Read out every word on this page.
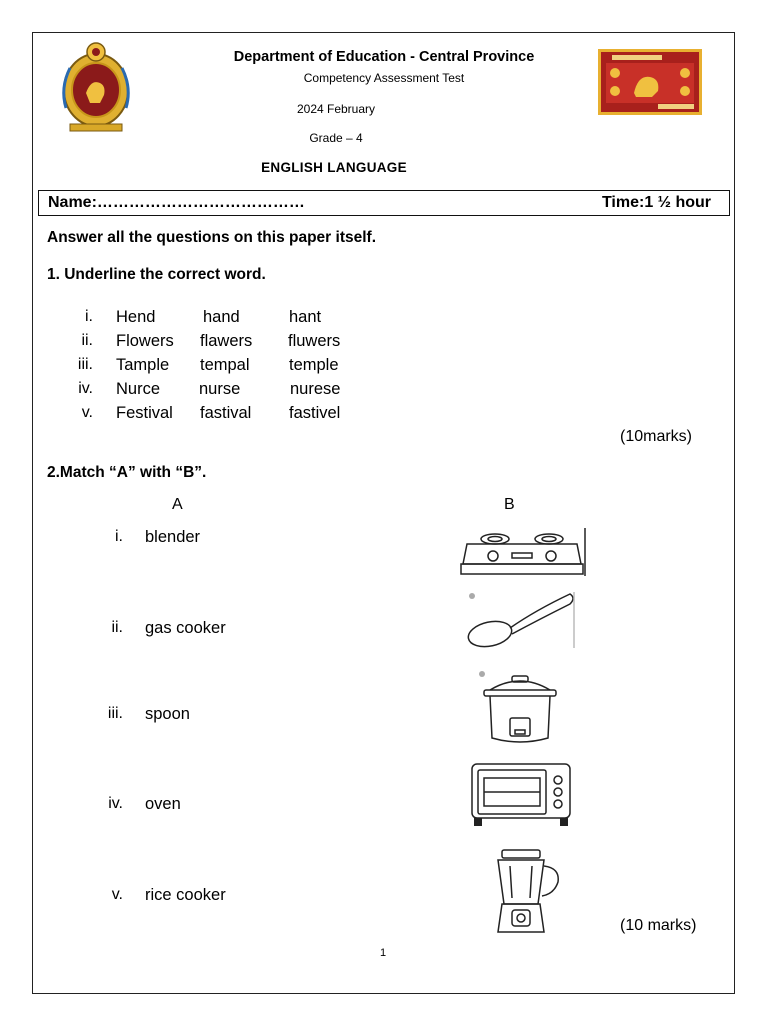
Department of Education - Central Province
Competency Assessment Test
2024 February
Grade – 4
ENGLISH LANGUAGE
Name:…………………………………	Time:1 ½ hour
Answer all the questions on this paper itself.
1. Underline the correct word.
i. Hend	hand	hant
ii. Flowers flawers fluwers
iii. Tample tempal temple
iv. Nurce nurse	nurese
v. Festival fastival fastivel
(10marks)
2.Match “A” with “B”.
A	B
i. blender
ii. gas cooker
iii. spoon
iv. oven
v. rice cooker
(10 marks)
1
